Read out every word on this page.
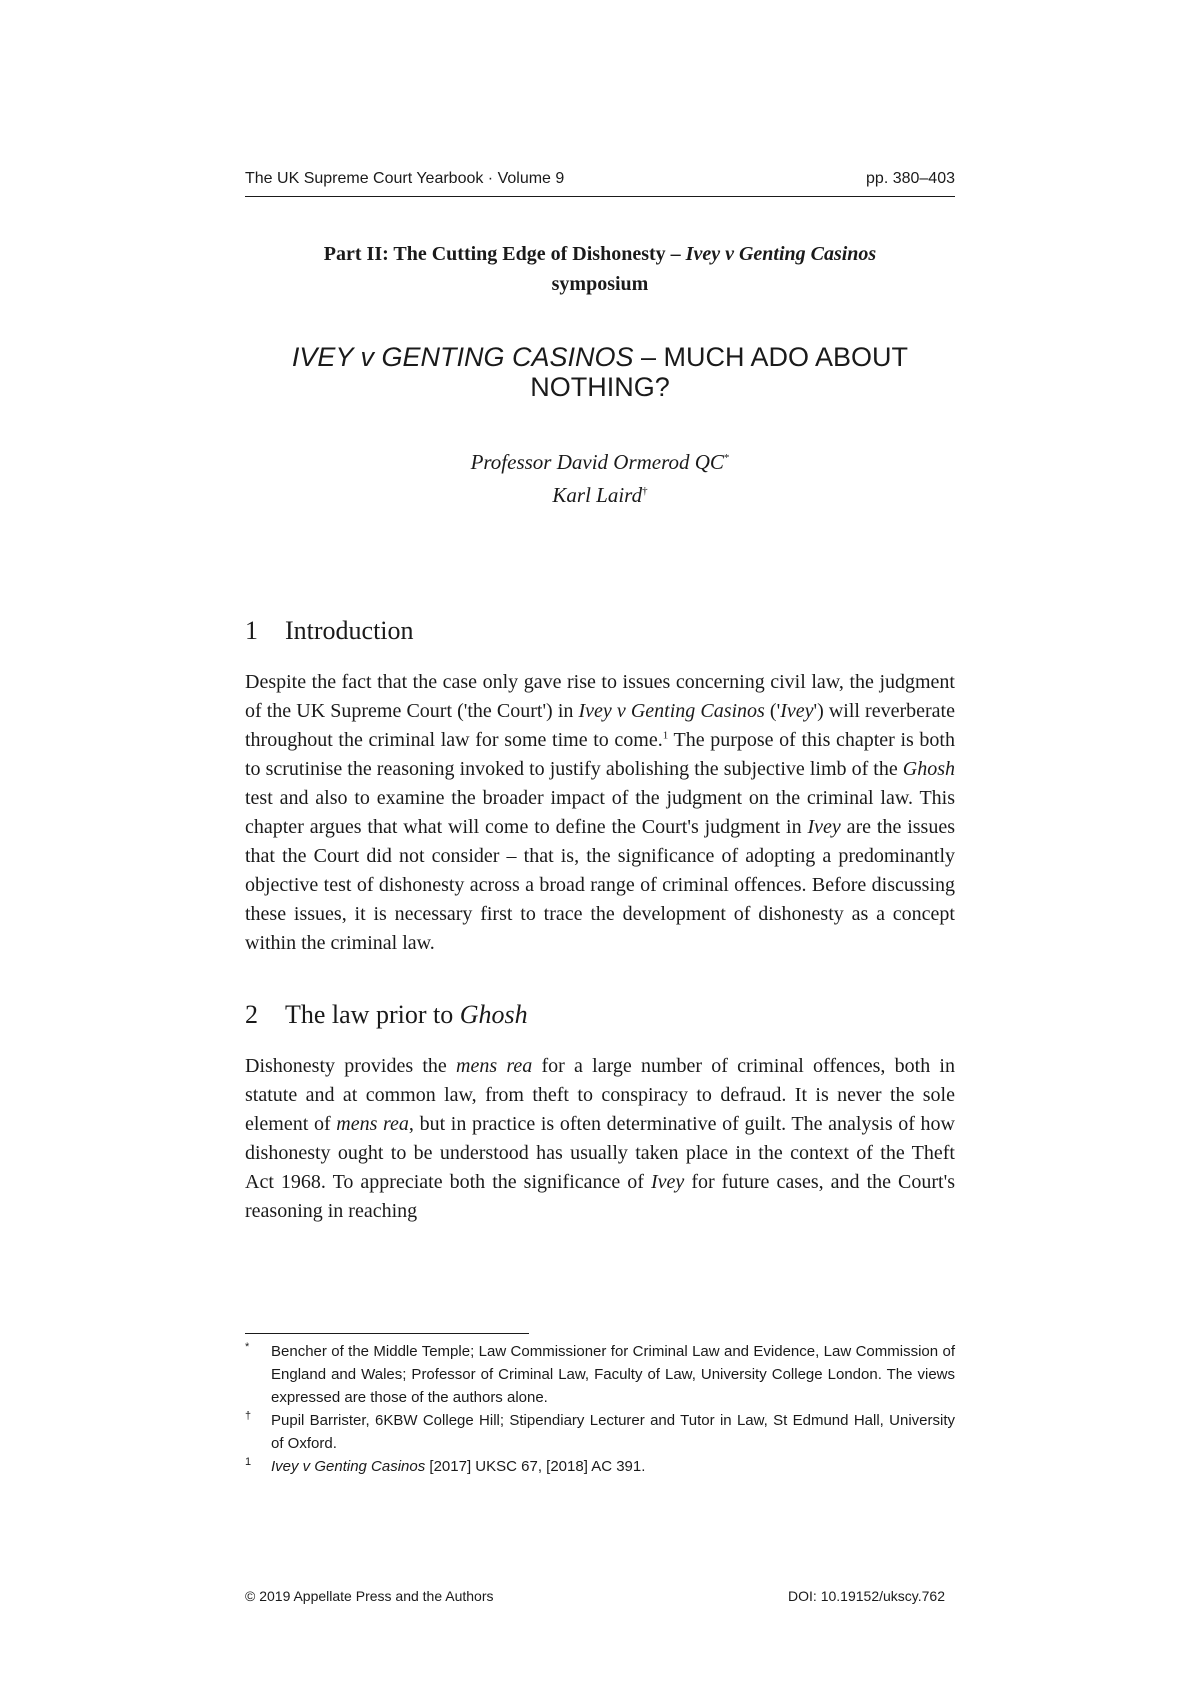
The UK Supreme Court Yearbook · Volume 9	pp. 380–403
Part II: The Cutting Edge of Dishonesty – Ivey v Genting Casinos
symposium
IVEY v GENTING CASINOS – MUCH ADO ABOUT NOTHING?
Professor David Ormerod QC*
Karl Laird†
1 Introduction

Despite the fact that the case only gave rise to issues concerning civil law, the judgment of the UK Supreme Court ('the Court') in Ivey v Genting Casinos ('Ivey') will reverberate throughout the criminal law for some time to come.$^1$ The purpose of this chapter is both to scrutinise the reasoning invoked to justify abolishing the subjective limb of the Ghosh test and also to examine the broader impact of the judgment on the criminal law. This chapter argues that what will come to define the Court's judgment in Ivey are the issues that the Court did not consider – that is, the significance of adopting a predominantly objective test of dishonesty across a broad range of criminal offences. Before discussing these issues, it is necessary first to trace the development of dishonesty as a concept within the criminal law.

2 The law prior to Ghosh

Dishonesty provides the mens rea for a large number of criminal offences, both in statute and at common law, from theft to conspiracy to defraud. It is never the sole element of mens rea, but in practice is often determinative of guilt. The analysis of how dishonesty ought to be understood has usually taken place in the context of the Theft Act 1968. To appreciate both the significance of Ivey for future cases, and the Court's reasoning in reaching

*	Bencher of the Middle Temple; Law Commissioner for Criminal Law and Evidence, Law Commission of England and Wales; Professor of Criminal Law, Faculty of Law, University College London. The views expressed are those of the authors alone.
†	Pupil Barrister, 6KBW College Hill; Stipendiary Lecturer and Tutor in Law, St Edmund Hall, University of Oxford.
1	Ivey v Genting Casinos [2017] UKSC 67, [2018] AC 391.
© 2019 Appellate Press and the Authors	DOI: 10.19152/ukscy.762
